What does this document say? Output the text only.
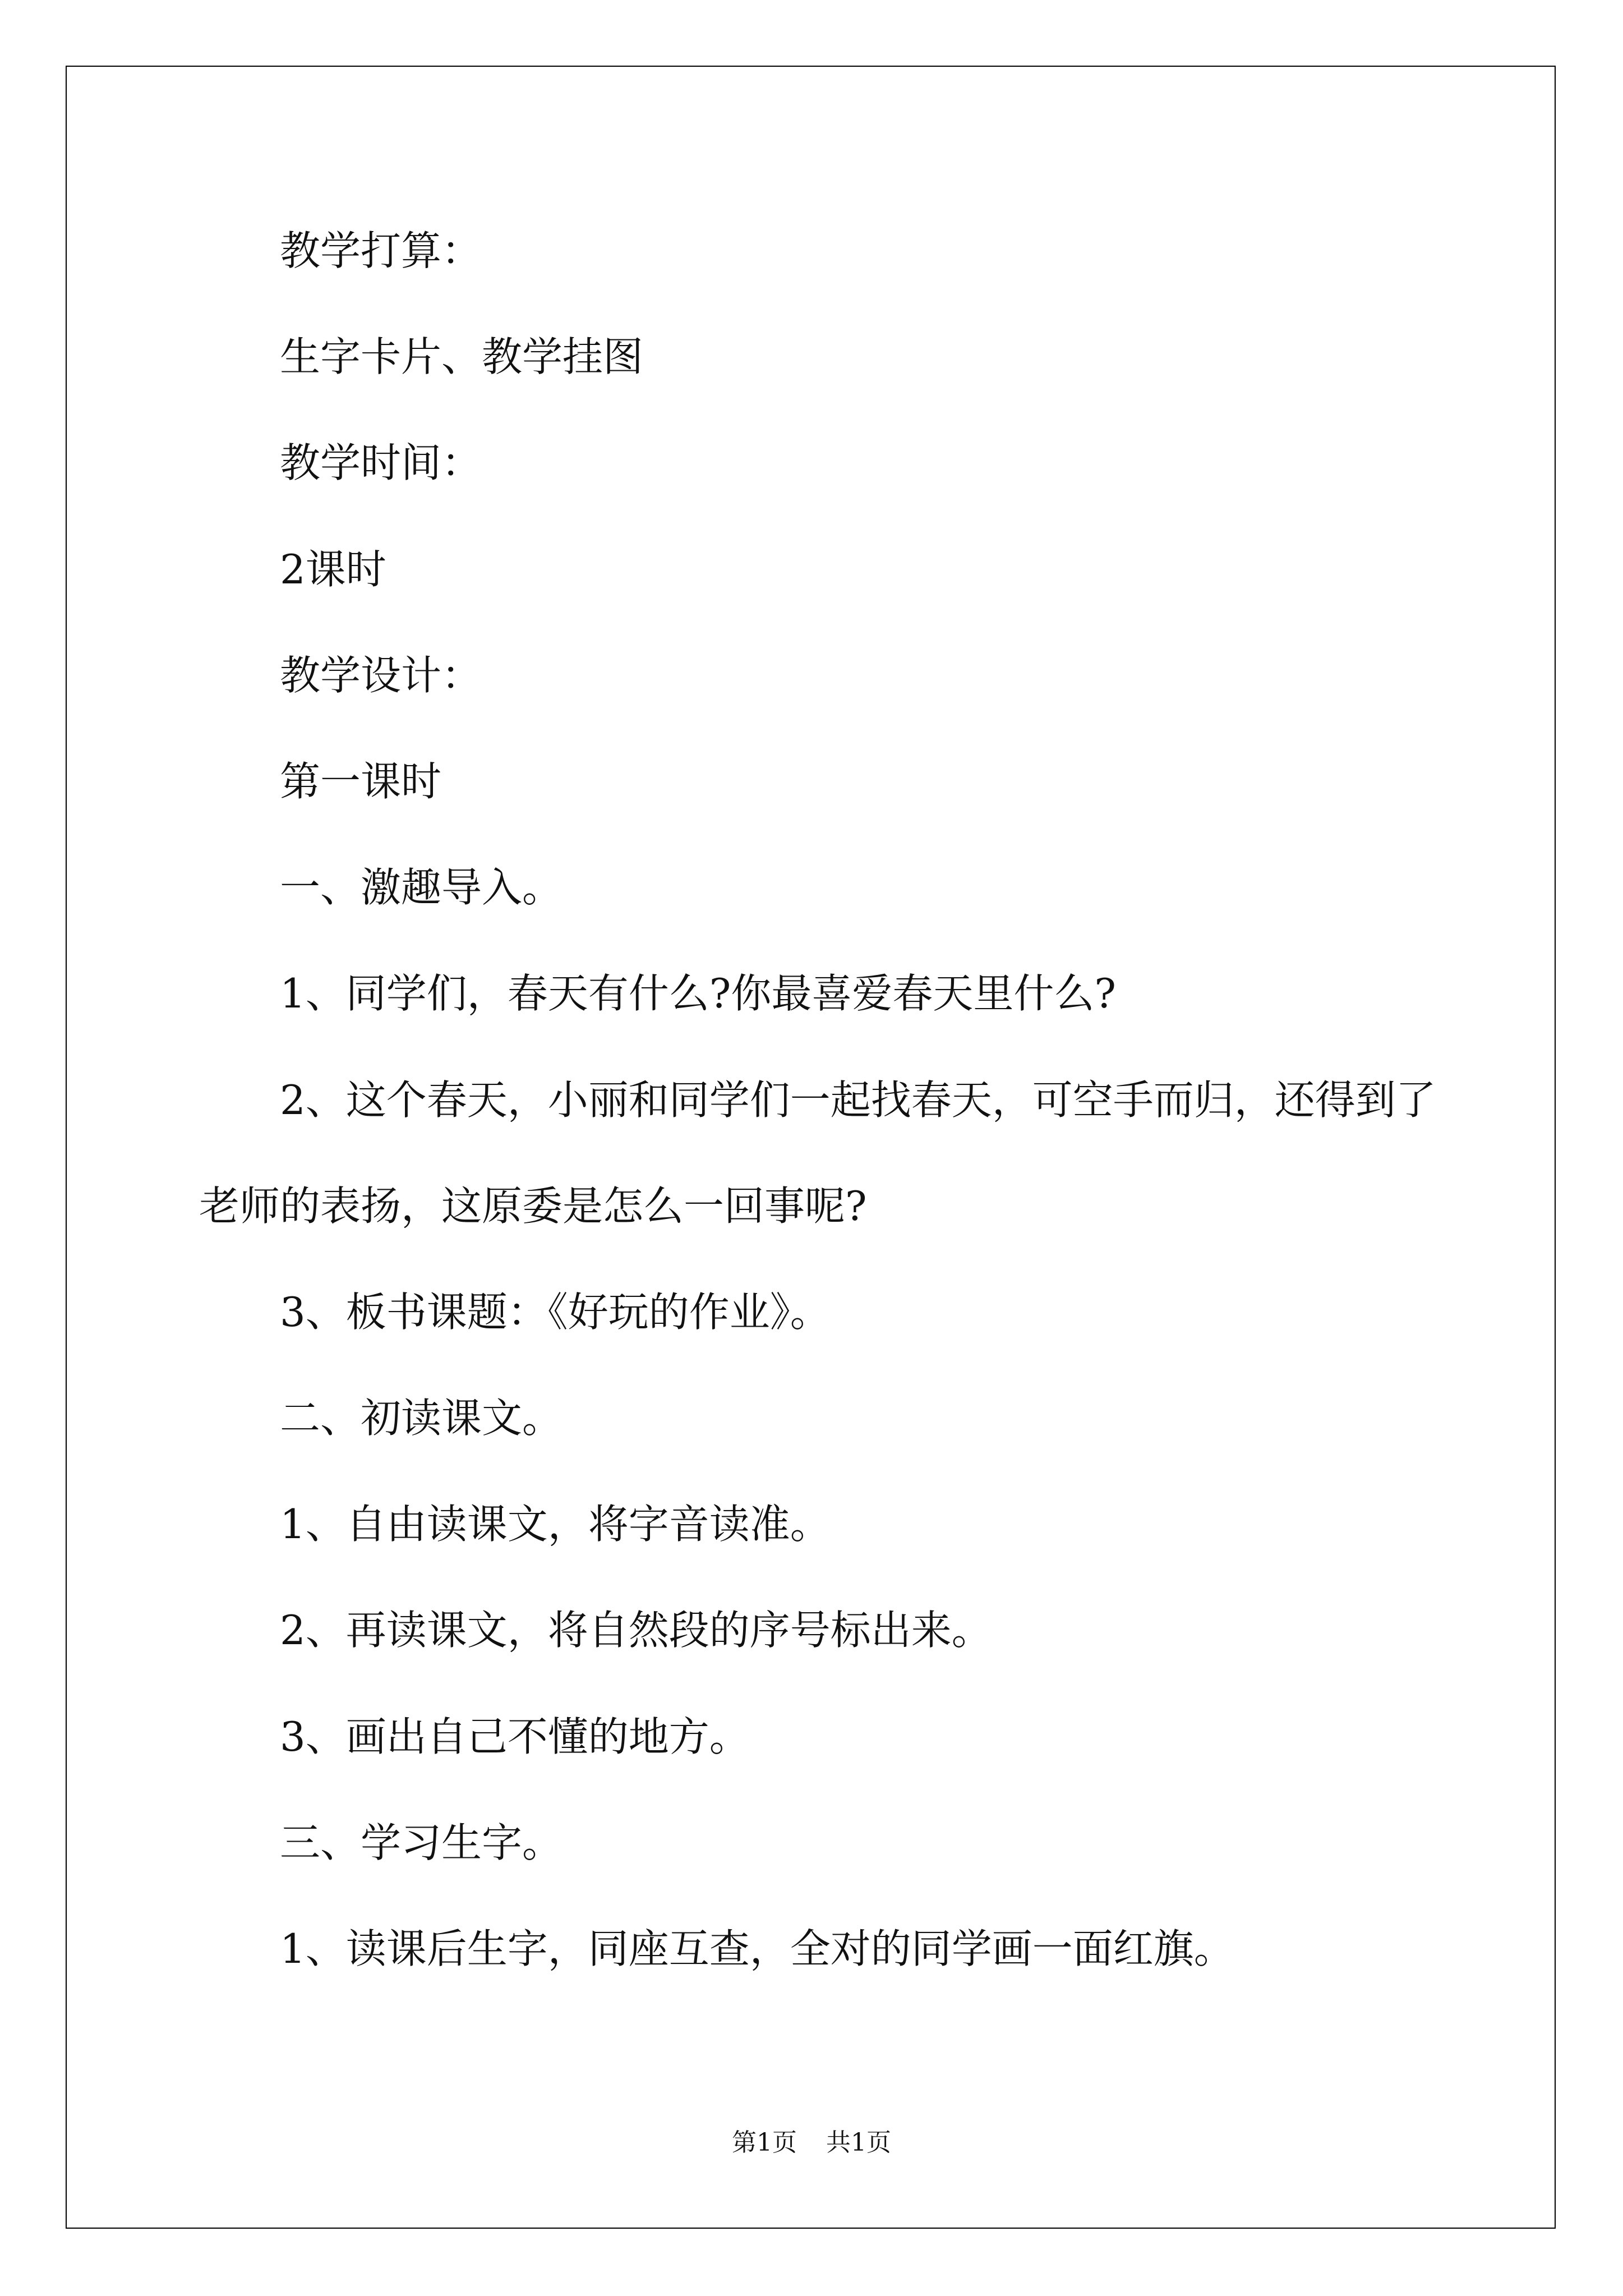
教学打算：

生字卡片、教学挂图

教学时间：

2课时

教学设计：

第一课时

一、激趣导入。

1、同学们，春天有什么?你最喜爱春天里什么?

2、这个春天，小丽和同学们一起找春天，可空手而归，还得到了

老师的表扬，这原委是怎么一回事呢?

3、板书课题：《好玩的作业》。

二、初读课文。

1、自由读课文，将字音读准。

2、再读课文，将自然段的序号标出来。

3、画出自己不懂的地方。

三、学习生字。

1、读课后生字，同座互查，全对的同学画一面红旗。

第1页 共1页
